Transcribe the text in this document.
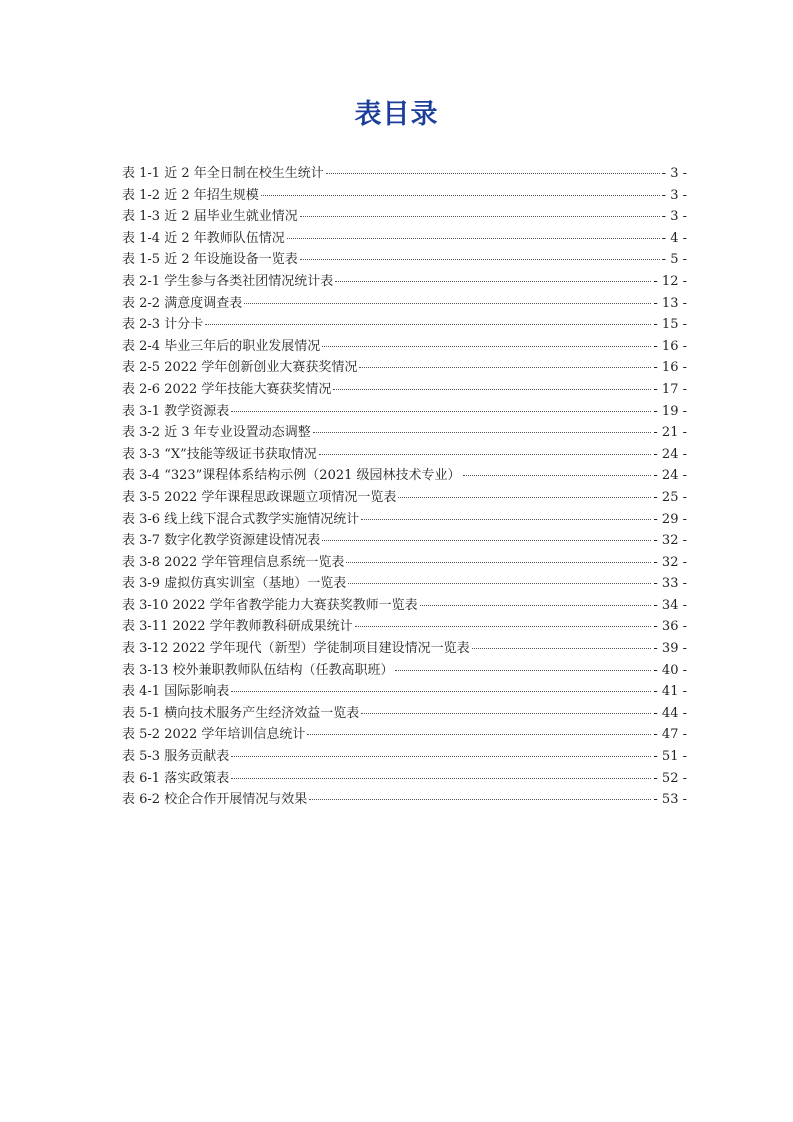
表目录
表 1-1 近 2 年全日制在校生生统计	- 3 -
表 1-2 近 2 年招生规模	- 3 -
表 1-3 近 2 届毕业生就业情况	- 3 -
表 1-4 近 2 年教师队伍情况	- 4 -
表 1-5 近 2 年设施设备一览表	- 5 -
表 2-1 学生参与各类社团情况统计表	- 12 -
表 2-2 满意度调查表	- 13 -
表 2-3 计分卡	- 15 -
表 2-4 毕业三年后的职业发展情况	- 16 -
表 2-5 2022 学年创新创业大赛获奖情况	- 16 -
表 2-6 2022 学年技能大赛获奖情况	- 17 -
表 3-1 教学资源表	- 19 -
表 3-2 近 3 年专业设置动态调整	- 21 -
表 3-3 “X”技能等级证书获取情况	- 24 -
表 3-4 “323”课程体系结构示例（2021 级园林技术专业）	- 24 -
表 3-5 2022 学年课程思政课题立项情况一览表	- 25 -
表 3-6 线上线下混合式教学实施情况统计	- 29 -
表 3-7 数字化教学资源建设情况表	- 32 -
表 3-8 2022 学年管理信息系统一览表	- 32 -
表 3-9 虚拟仿真实训室（基地）一览表	- 33 -
表 3-10 2022 学年省教学能力大赛获奖教师一览表	- 34 -
表 3-11 2022 学年教师教科研成果统计	- 36 -
表 3-12 2022 学年现代（新型）学徒制项目建设情况一览表	- 39 -
表 3-13 校外兼职教师队伍结构（任教高职班）	- 40 -
表 4-1 国际影响表	- 41 -
表 5-1 横向技术服务产生经济效益一览表	- 44 -
表 5-2 2022 学年培训信息统计	- 47 -
表 5-3 服务贡献表	- 51 -
表 6-1 落实政策表	- 52 -
表 6-2 校企合作开展情况与效果	- 53 -
